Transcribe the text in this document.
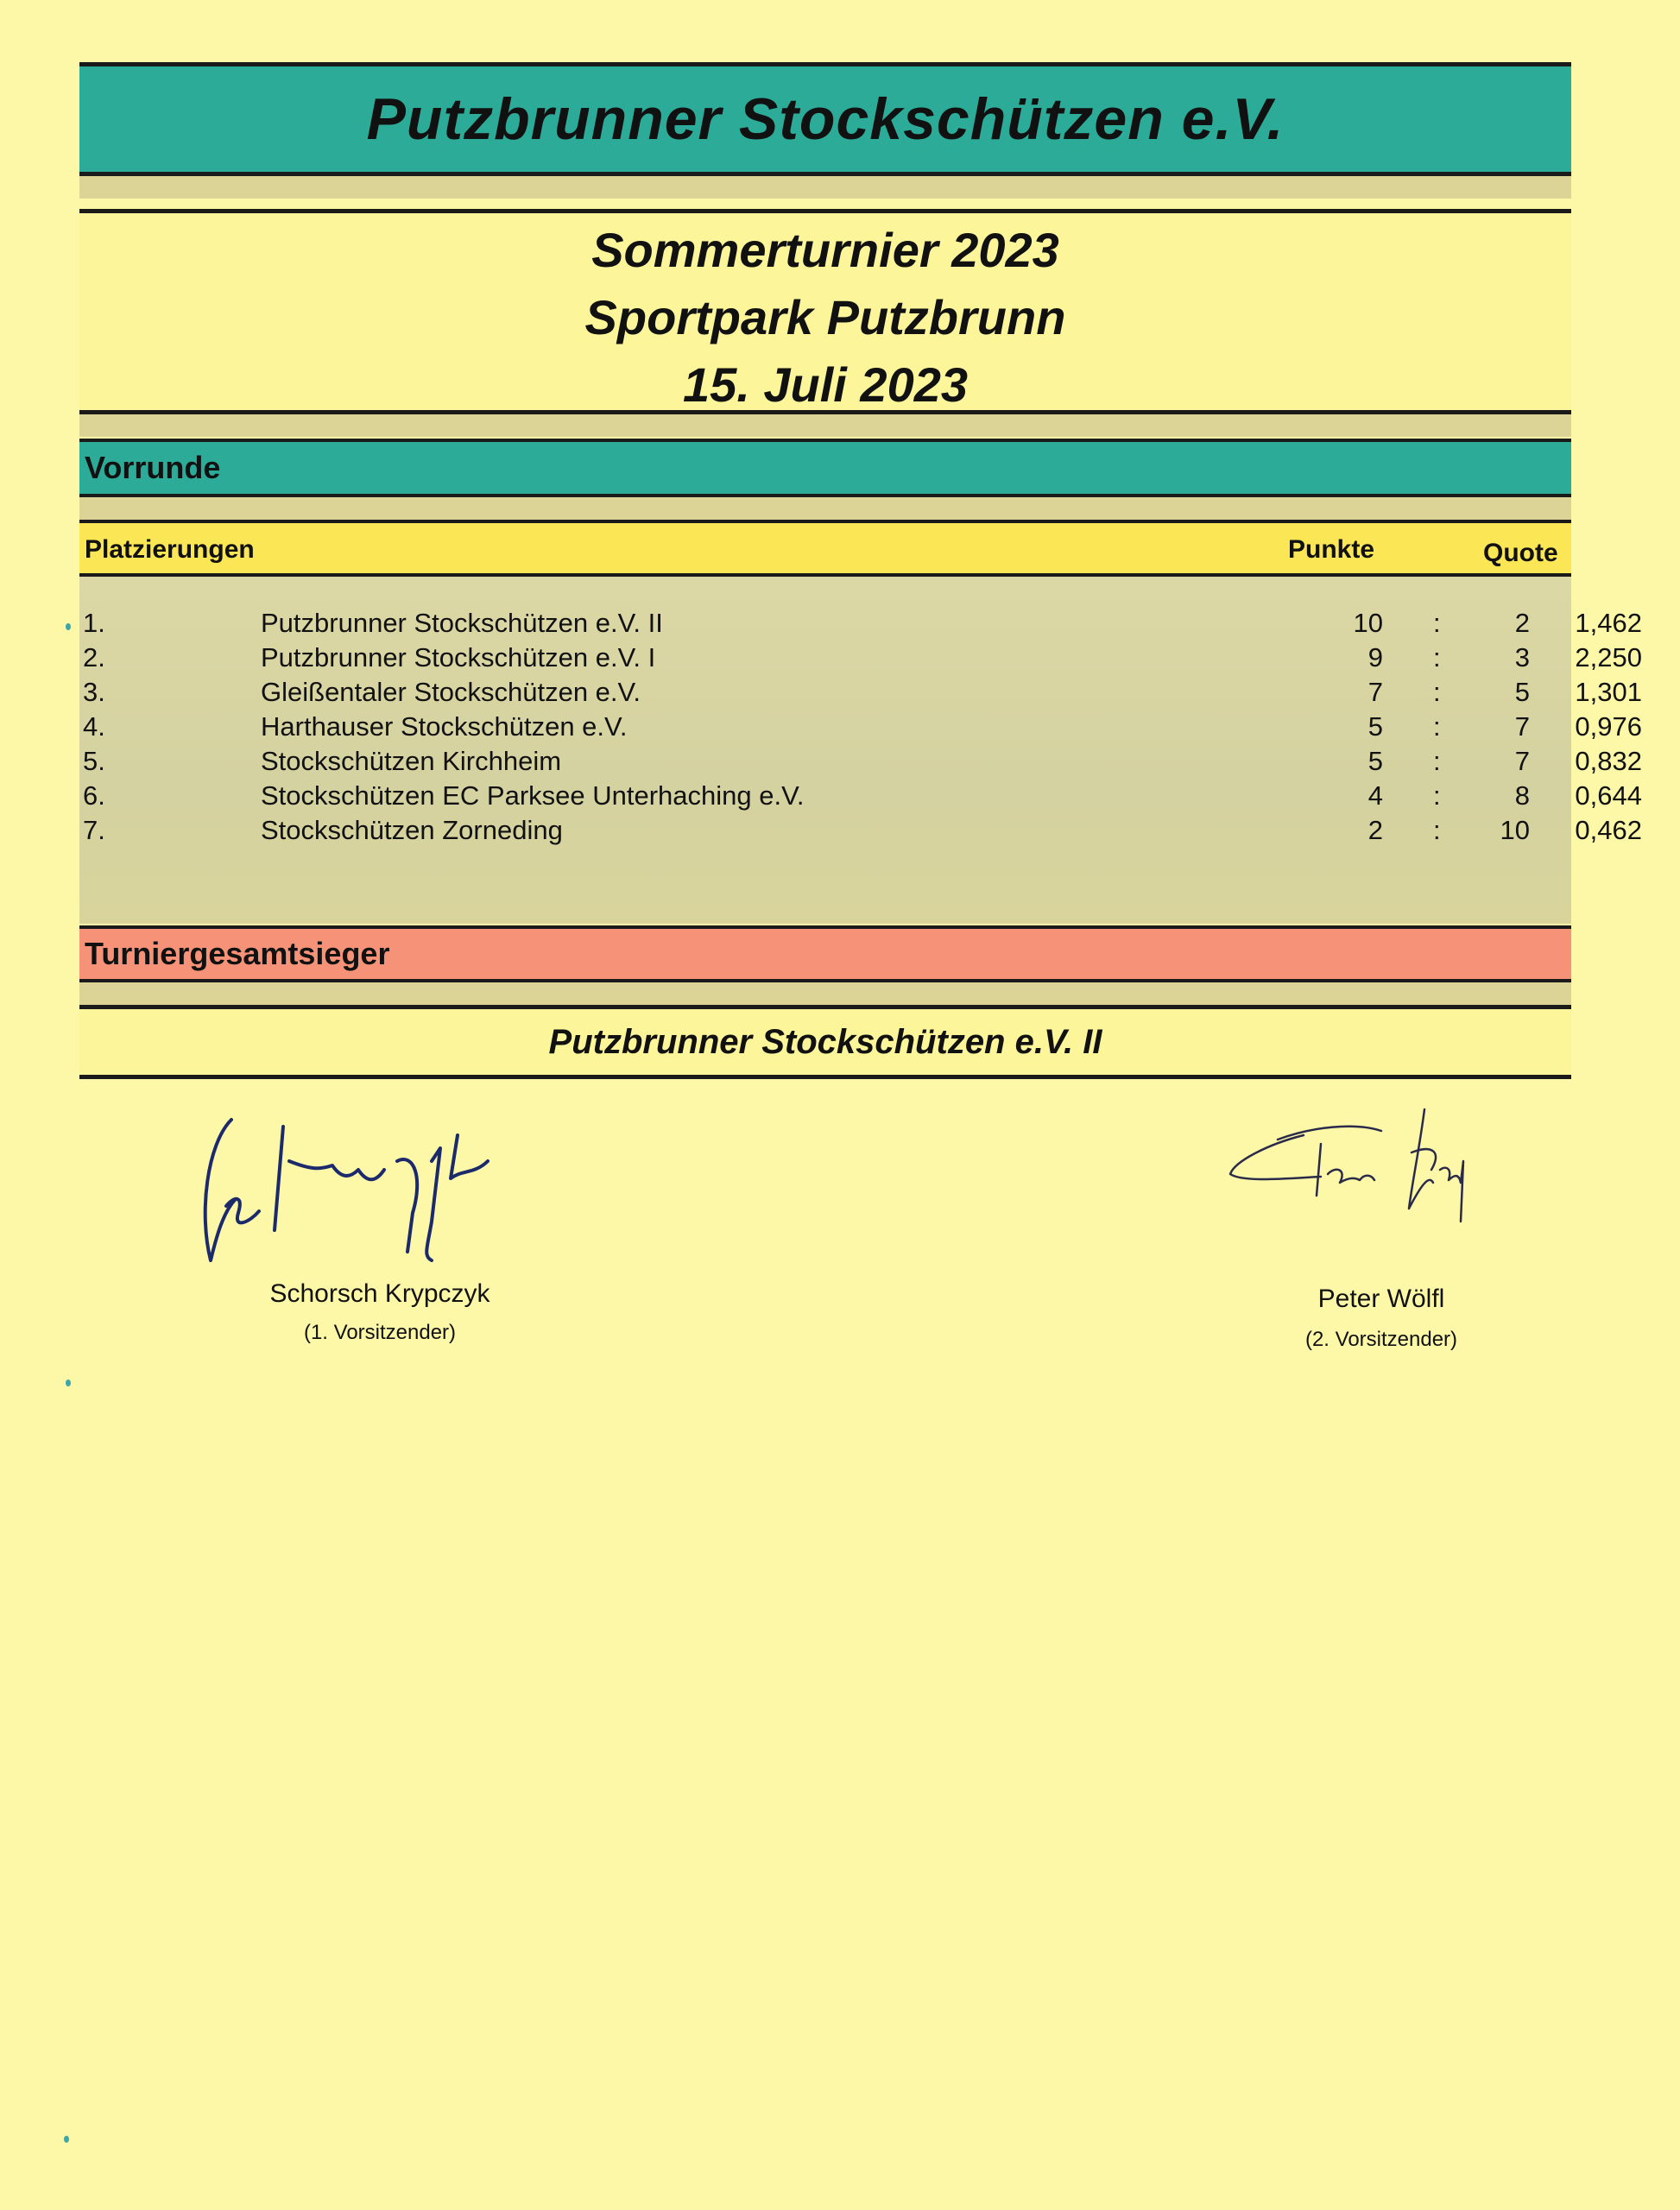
Putzbrunner Stockschützen e.V.
Sommerturnier 2023
Sportpark Putzbrunn
15. Juli 2023
Vorrunde
Platzierungen	Punkte	Quote
1.	Putzbrunner Stockschützen e.V. II	10 :	2	1,462
2.	Putzbrunner Stockschützen e.V. I	9 :	3	2,250
3.	Gleißentaler Stockschützen e.V.	7 :	5	1,301
4.	Harthauser Stockschützen e.V.	5 :	7	0,976
5.	Stockschützen Kirchheim	5 :	7	0,832
6.	Stockschützen EC Parksee Unterhaching e.V.	4 :	8	0,644
7.	Stockschützen Zorneding	2 :	10	0,462
Turniergesamtsieger
Putzbrunner Stockschützen e.V. II
Schorsch Krypczyk
(1. Vorsitzender)
Peter Wölfl
(2. Vorsitzender)
